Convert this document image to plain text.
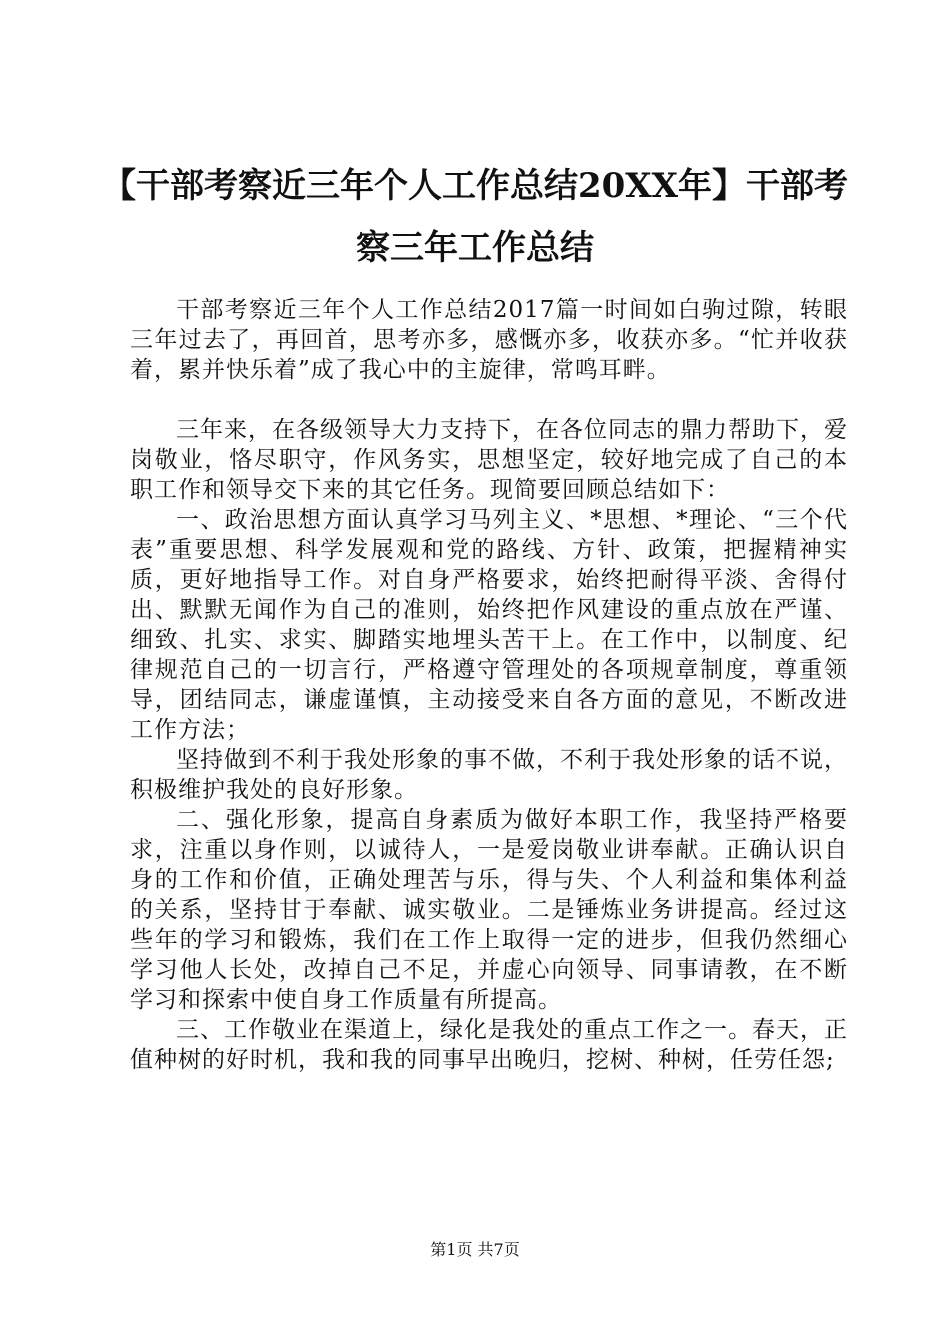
【干部考察近三年个人工作总结20XX年】干部考察三年工作总结

干部考察近三年个人工作总结2017篇一时间如白驹过隙，转眼三年过去了，再回首，思考亦多，感慨亦多，收获亦多。“忙并收获着，累并快乐着”成了我心中的主旋律，常鸣耳畔。

三年来，在各级领导大力支持下，在各位同志的鼎力帮助下，爱岗敬业，恪尽职守，作风务实，思想坚定，较好地完成了自己的本职工作和领导交下来的其它任务。现简要回顾总结如下：

一、政治思想方面认真学习马列主义、*思想、*理论、“三个代表”重要思想、科学发展观和党的路线、方针、政策，把握精神实质，更好地指导工作。对自身严格要求，始终把耐得平淡、舍得付出、默默无闻作为自己的准则，始终把作风建设的重点放在严谨、细致、扎实、求实、脚踏实地埋头苦干上。在工作中，以制度、纪律规范自己的一切言行，严格遵守管理处的各项规章制度，尊重领导，团结同志，谦虚谨慎，主动接受来自各方面的意见，不断改进工作方法；

坚持做到不利于我处形象的事不做，不利于我处形象的话不说，积极维护我处的良好形象。

二、强化形象，提高自身素质为做好本职工作，我坚持严格要求，注重以身作则，以诚待人，一是爱岗敬业讲奉献。正确认识自身的工作和价值，正确处理苦与乐，得与失、个人利益和集体利益的关系，坚持甘于奉献、诚实敬业。二是锤炼业务讲提高。经过这些年的学习和锻炼，我们在工作上取得一定的进步，但我仍然细心学习他人长处，改掉自己不足，并虚心向领导、同事请教，在不断学习和探索中使自身工作质量有所提高。

三、工作敬业在渠道上，绿化是我处的重点工作之一。春天，正值种树的好时机，我和我的同事早出晚归，挖树、种树，任劳任怨;

第1页 共7页
